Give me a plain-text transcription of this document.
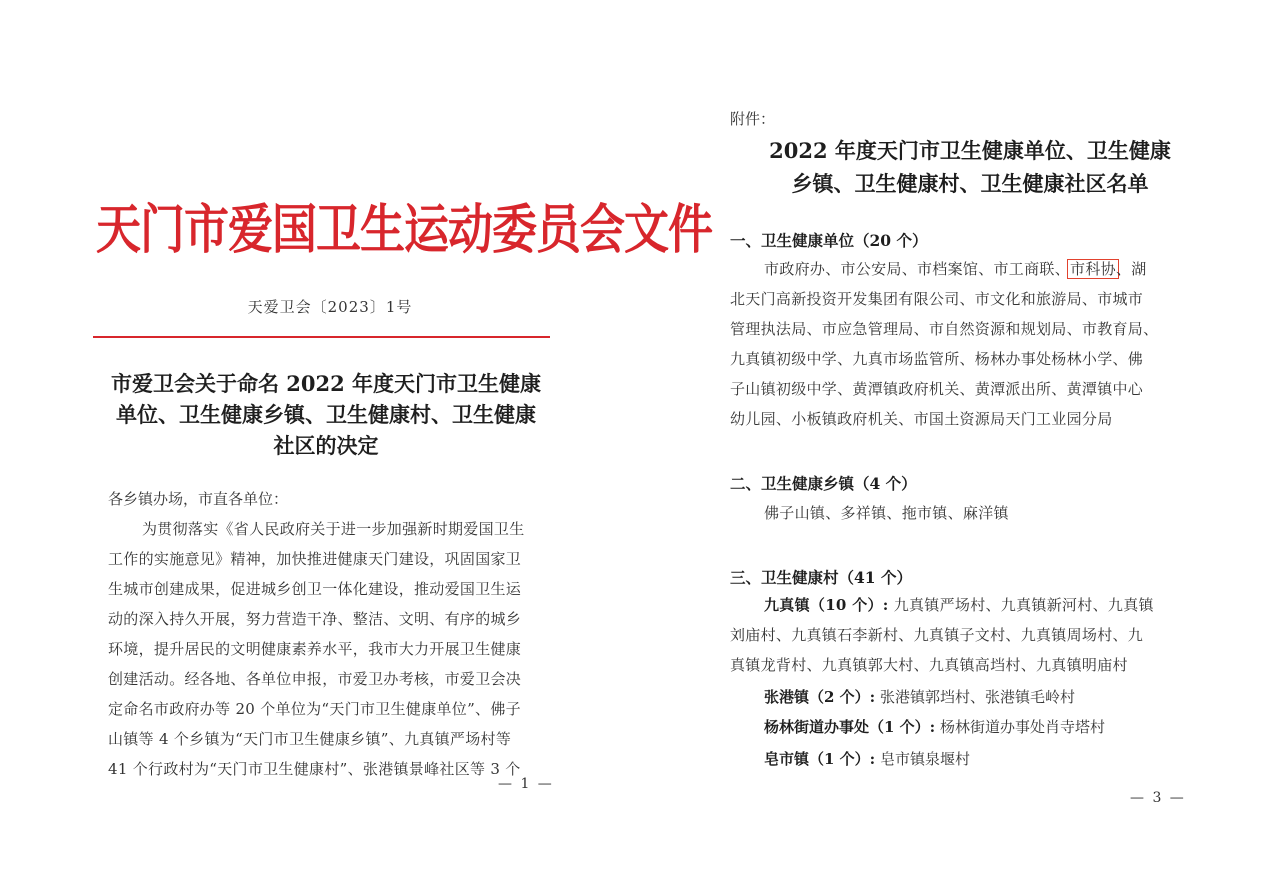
天门市爱国卫生运动委员会文件
天爱卫会〔2023〕1号
市爱卫会关于命名 2022 年度天门市卫生健康
单位、卫生健康乡镇、卫生健康村、卫生健康
社区的决定
各乡镇办场，市直各单位：
为贯彻落实《省人民政府关于进一步加强新时期爱国卫生
工作的实施意见》精神，加快推进健康天门建设，巩固国家卫
生城市创建成果，促进城乡创卫一体化建设，推动爱国卫生运
动的深入持久开展，努力营造干净、整洁、文明、有序的城乡
环境，提升居民的文明健康素养水平，我市大力开展卫生健康
创建活动。经各地、各单位申报，市爱卫办考核，市爱卫会决
定命名市政府办等 20 个单位为“天门市卫生健康单位”、佛子
山镇等 4 个乡镇为“天门市卫生健康乡镇”、九真镇严场村等
41 个行政村为“天门市卫生健康村”、张港镇景峰社区等 3 个
— 1 —
附件：
2022 年度天门市卫生健康单位、卫生健康
乡镇、卫生健康村、卫生健康社区名单
一、卫生健康单位（20 个）
市政府办、市公安局、市档案馆、市工商联、市科协、湖
北天门高新投资开发集团有限公司、市文化和旅游局、市城市
管理执法局、市应急管理局、市自然资源和规划局、市教育局、
九真镇初级中学、九真市场监管所、杨林办事处杨林小学、佛
子山镇初级中学、黄潭镇政府机关、黄潭派出所、黄潭镇中心
幼儿园、小板镇政府机关、市国土资源局天门工业园分局
二、卫生健康乡镇（4 个）
佛子山镇、多祥镇、拖市镇、麻洋镇
三、卫生健康村（41 个）
九真镇（10 个）: 九真镇严场村、九真镇新河村、九真镇
刘庙村、九真镇石李新村、九真镇子文村、九真镇周场村、九
真镇龙背村、九真镇郭大村、九真镇高垱村、九真镇明庙村
张港镇（2 个）: 张港镇郭垱村、张港镇毛岭村
杨林街道办事处（1 个）: 杨林街道办事处肖寺塔村
皂市镇（1 个）: 皂市镇泉堰村
— 3 —
